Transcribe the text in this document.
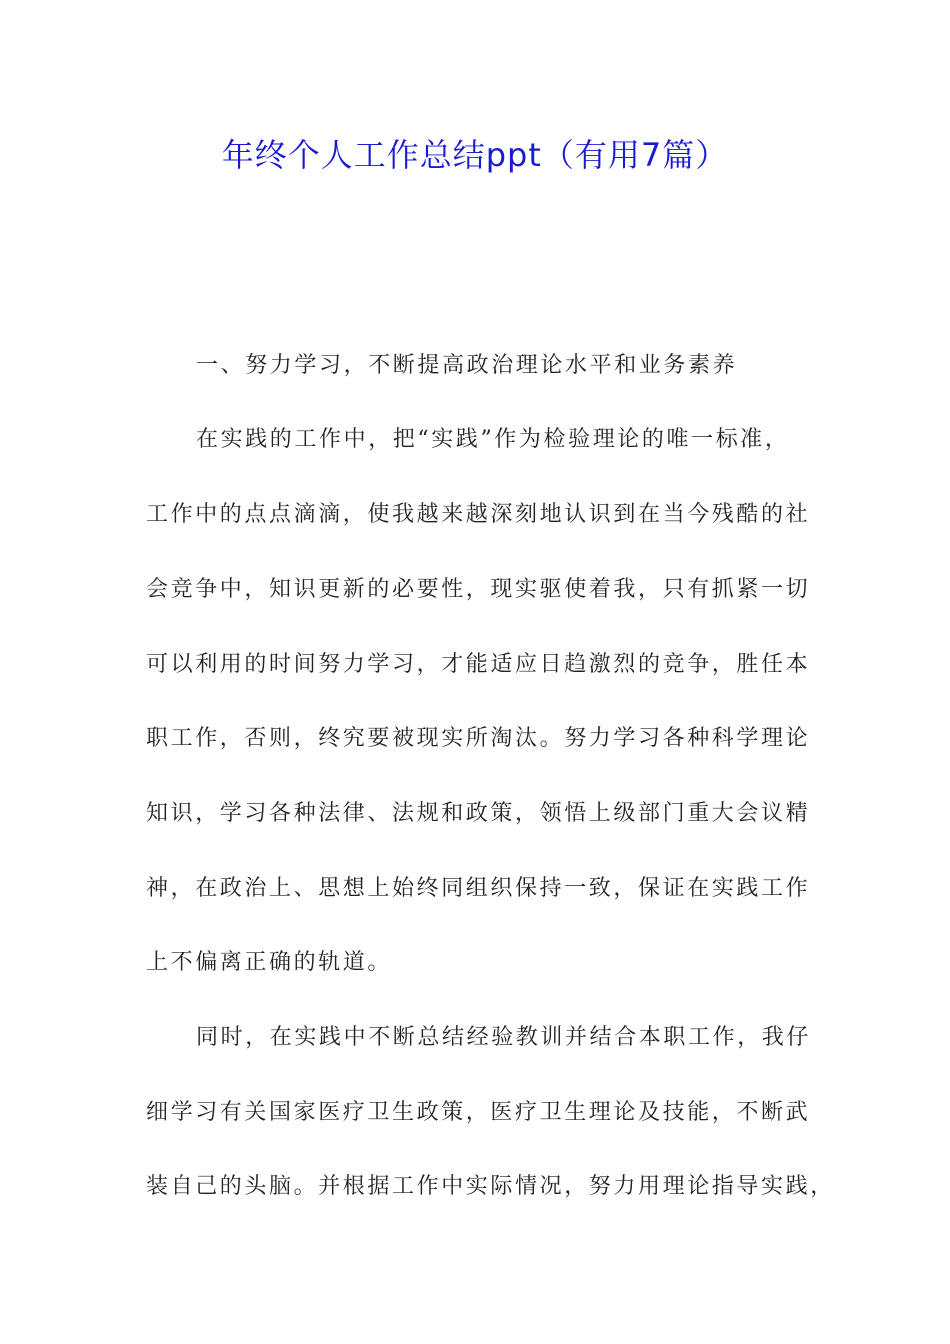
年终个人工作总结ppt（有用7篇）
一、努力学习，不断提高政治理论水平和业务素养
在实践的工作中，把“实践”作为检验理论的唯一标准，
工作中的点点滴滴，使我越来越深刻地认识到在当今残酷的社
会竞争中，知识更新的必要性，现实驱使着我，只有抓紧一切
可以利用的时间努力学习，才能适应日趋激烈的竞争，胜任本
职工作，否则，终究要被现实所淘汰。努力学习各种科学理论
知识，学习各种法律、法规和政策，领悟上级部门重大会议精
神，在政治上、思想上始终同组织保持一致，保证在实践工作
上不偏离正确的轨道。
同时，在实践中不断总结经验教训并结合本职工作，我仔
细学习有关国家医疗卫生政策，医疗卫生理论及技能，不断武
装自己的头脑。并根据工作中实际情况，努力用理论指导实践，
